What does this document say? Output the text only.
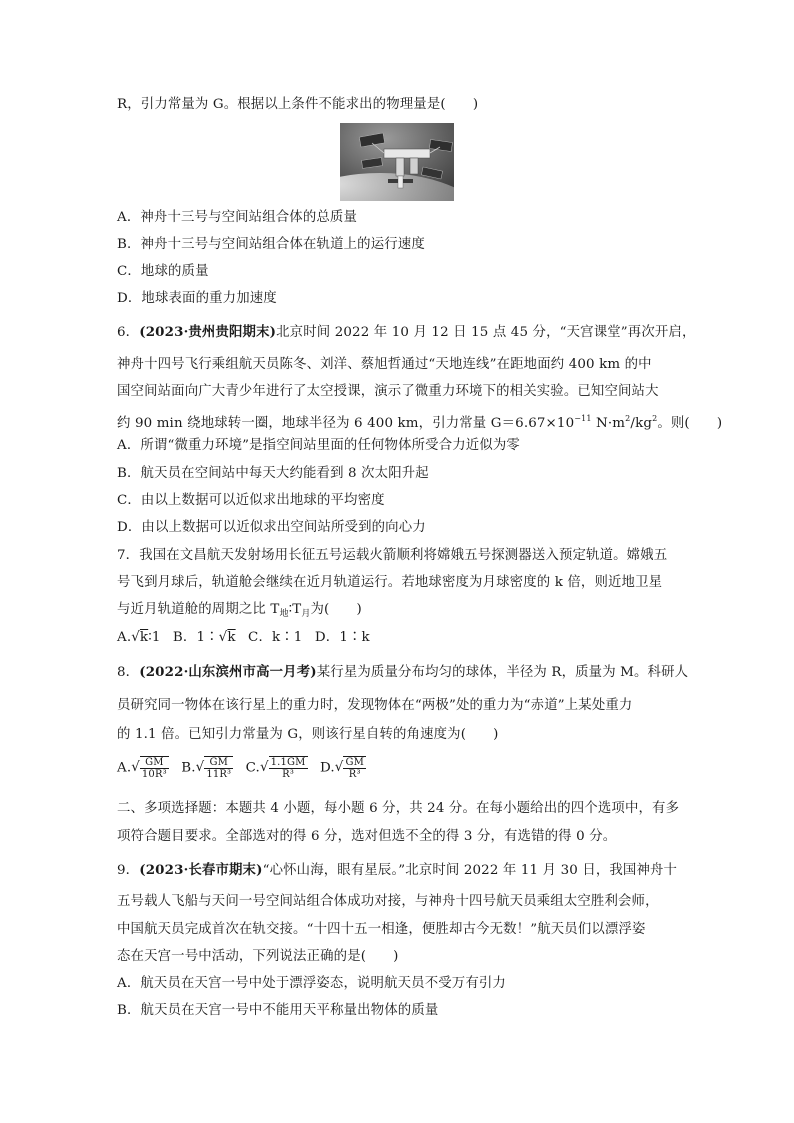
R，引力常量为 G。根据以上条件不能求出的物理量是(　　)
A．神舟十三号与空间站组合体的总质量
B．神舟十三号与空间站组合体在轨道上的运行速度
C．地球的质量
D．地球表面的重力加速度
6．(2023·贵州贵阳期末)北京时间 2022 年 10 月 12 日 15 点 45 分，“天宫课堂”再次开启，
神舟十四号飞行乘组航天员陈冬、刘洋、蔡旭哲通过“天地连线”在距地面约 400 km 的中
国空间站面向广大青少年进行了太空授课，演示了微重力环境下的相关实验。已知空间站大
约 90 min 绕地球转一圈，地球半径为 6 400 km，引力常量 $G=6.67\times 10^{-11}$ $N\cdot m^2/kg^2$。则(　　)
A．所谓“微重力环境”是指空间站里面的任何物体所受合力近似为零
B．航天员在空间站中每天大约能看到 8 次太阳升起
C．由以上数据可以近似求出地球的平均密度
D．由以上数据可以近似求出空间站所受到的向心力
7．我国在文昌航天发射场用长征五号运载火箭顺利将嫦娥五号探测器送入预定轨道。嫦娥五
号飞到月球后，轨道舱会继续在近月轨道运行。若地球密度为月球密度的 k 倍，则近地卫星
与近月轨道舱的周期之比 $T_地∶T_月$为(　　)
A.√k∶1 B．1∶√k C．k∶1 D．1∶k
8．(2022·山东滨州市高一月考)某行星为质量分布均匀的球体，半径为 R，质量为 M。科研人
员研究同一物体在该行星上的重力时，发现物体在“两极”处的重力为“赤道”上某处重力
的 1.1 倍。已知引力常量为 G，则该行星自转的角速度为(　　)
$A.√ \frac{GM}{\text{10R³}} B.√ \frac{GM}{\text{11R³}} C.√ \frac{1.1GM}{\text{R³}} D.√ \frac{GM}{\text{R³}}$
二、多项选择题：本题共 4 小题，每小题 6 分，共 24 分。在每小题给出的四个选项中，有多
项符合题目要求。全部选对的得 6 分，选对但选不全的得 3 分，有选错的得 0 分。
9．(2023·长春市期末)“心怀山海，眼有星辰。”北京时间 2022 年 11 月 30 日，我国神舟十
五号载人飞船与天问一号空间站组合体成功对接，与神舟十四号航天员乘组太空胜利会师，
中国航天员完成首次在轨交接。“十四十五一相逢，便胜却古今无数！”航天员们以漂浮姿
态在天宫一号中活动，下列说法正确的是(　　)
A．航天员在天宫一号中处于漂浮姿态，说明航天员不受万有引力
B．航天员在天宫一号中不能用天平称量出物体的质量
